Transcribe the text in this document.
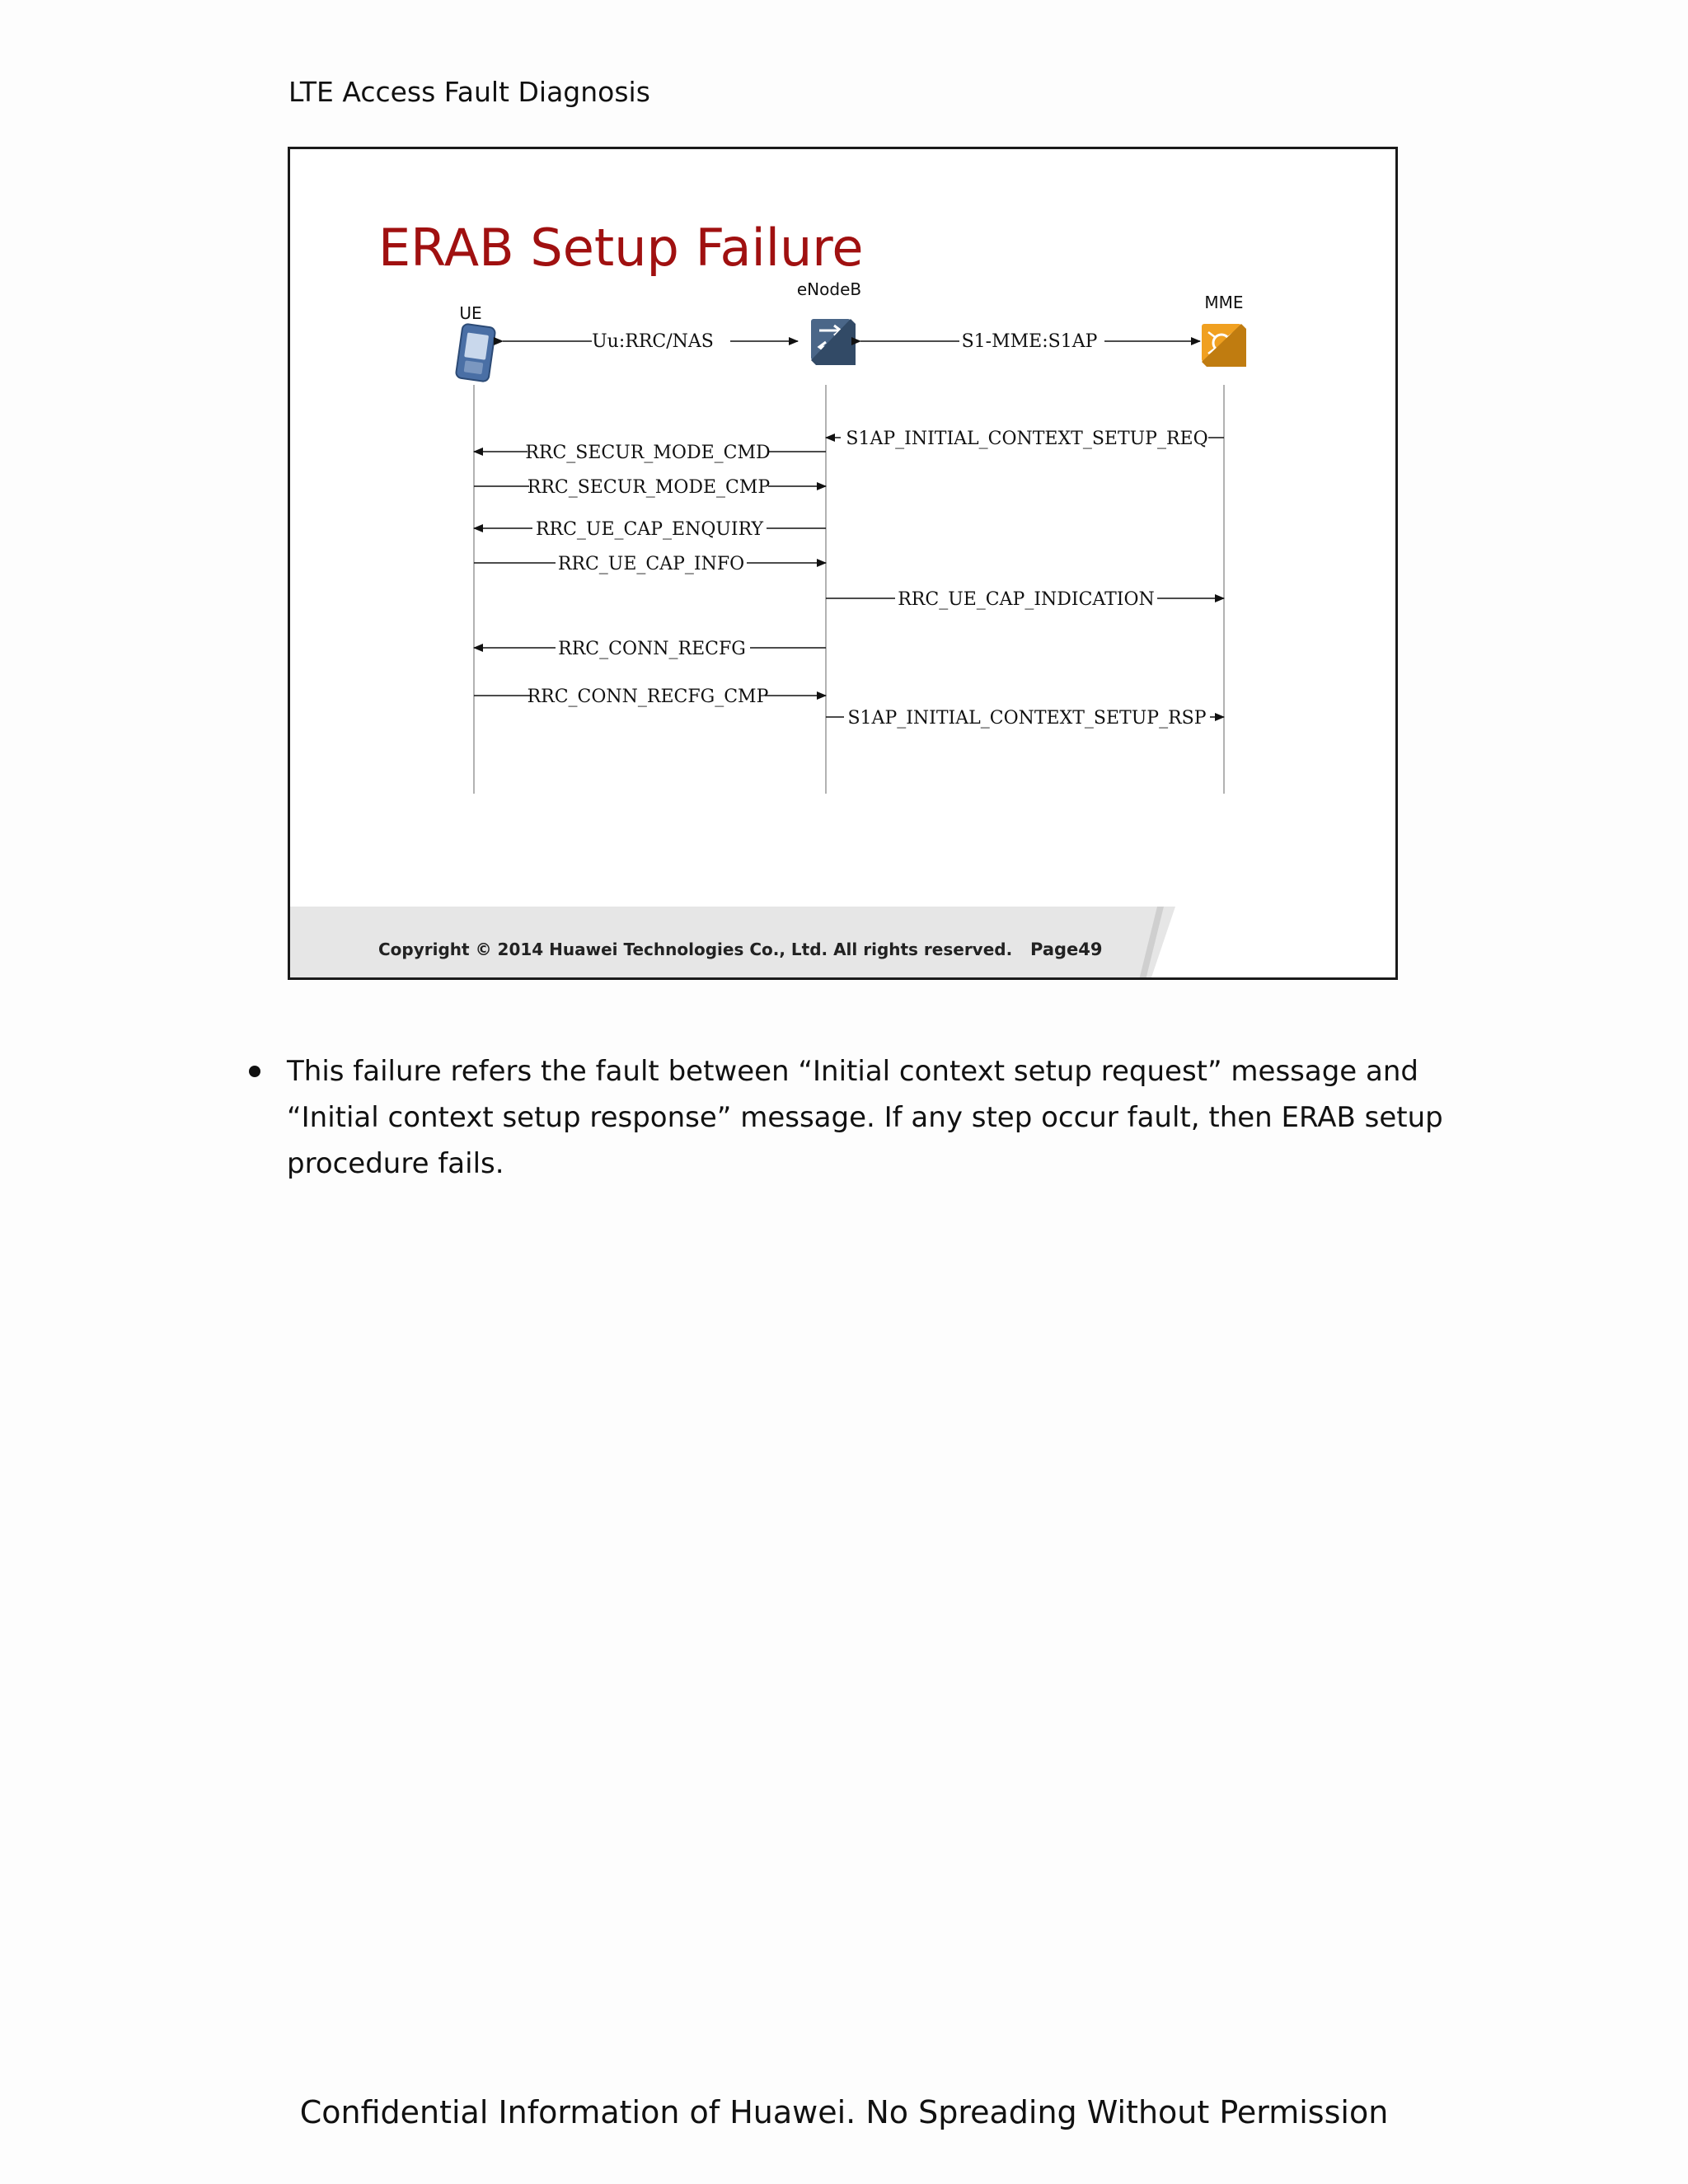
LTE Access Fault Diagnosis
ERAB Setup Failure
UE
eNodeB
MME
Uu:RRC/NAS	S1-MME:S1AP
S1AP_INITIAL_CONTEXT_SETUP_REQ
RRC_SECUR_MODE_CMD
RRC_SECUR_MODE_CMP
RRC_UE_CAP_ENQUIRY
RRC_UE_CAP_INFO
RRC_UE_CAP_INDICATION
RRC_CONN_RECFG
RRC_CONN_RECFG_CMP
S1AP_INITIAL_CONTEXT_SETUP_RSP
Copyright © 2014 Huawei Technologies Co., Ltd. All rights reserved. Page49
This failure refers the fault between “Initial context setup request” message and “Initial context setup response” message. If any step occur fault, then ERAB setup procedure fails.
Confidential Information of Huawei. No Spreading Without Permission
